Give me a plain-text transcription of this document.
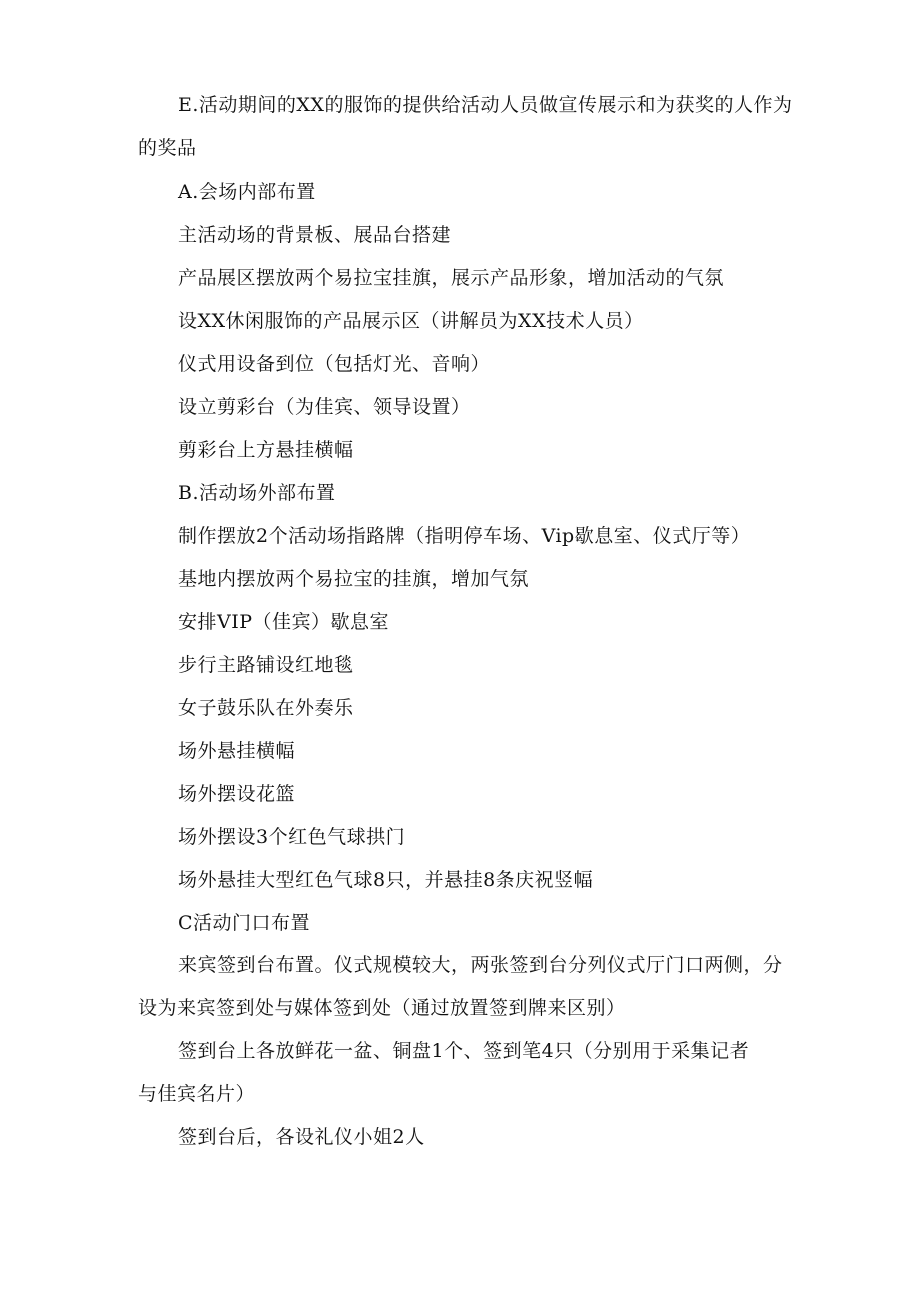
E.活动期间的XX的服饰的提供给活动人员做宣传展示和为获奖的人作为的奖品
A.会场内部布置
主活动场的背景板、展品台搭建
产品展区摆放两个易拉宝挂旗，展示产品形象，增加活动的气氛
设XX休闲服饰的产品展示区（讲解员为XX技术人员）
仪式用设备到位（包括灯光、音响）
设立剪彩台（为佳宾、领导设置）
剪彩台上方悬挂横幅
B.活动场外部布置
制作摆放2个活动场指路牌（指明停车场、Vip歇息室、仪式厅等）
基地内摆放两个易拉宝的挂旗，增加气氛
安排VIP（佳宾）歇息室
步行主路铺设红地毯
女子鼓乐队在外奏乐
场外悬挂横幅
场外摆设花篮
场外摆设3个红色气球拱门
场外悬挂大型红色气球8只，并悬挂8条庆祝竖幅
C活动门口布置
来宾签到台布置。仪式规模较大，两张签到台分列仪式厅门口两侧，分设为来宾签到处与媒体签到处（通过放置签到牌来区别）
签到台上各放鲜花一盆、铜盘1个、签到笔4只（分别用于采集记者与佳宾名片）
签到台后，各设礼仪小姐2人
